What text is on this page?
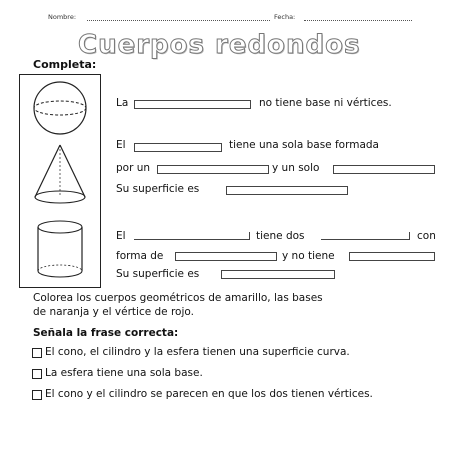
Nombre:	Fecha:
Cuerpos redondos
Completa:
La	no tiene base ni vértices.
El	tiene una sola base formada
por un	y un solo
Su superficie es
El	tiene dos	con
forma de	y no tiene
Su superficie es
Colorea los cuerpos geométricos de amarillo, las bases
de naranja y el vértice de rojo.
Señala la frase correcta:
El cono, el cilindro y la esfera tienen una superficie curva.
La esfera tiene una sola base.
El cono y el cilindro se parecen en que los dos tienen vértices.
